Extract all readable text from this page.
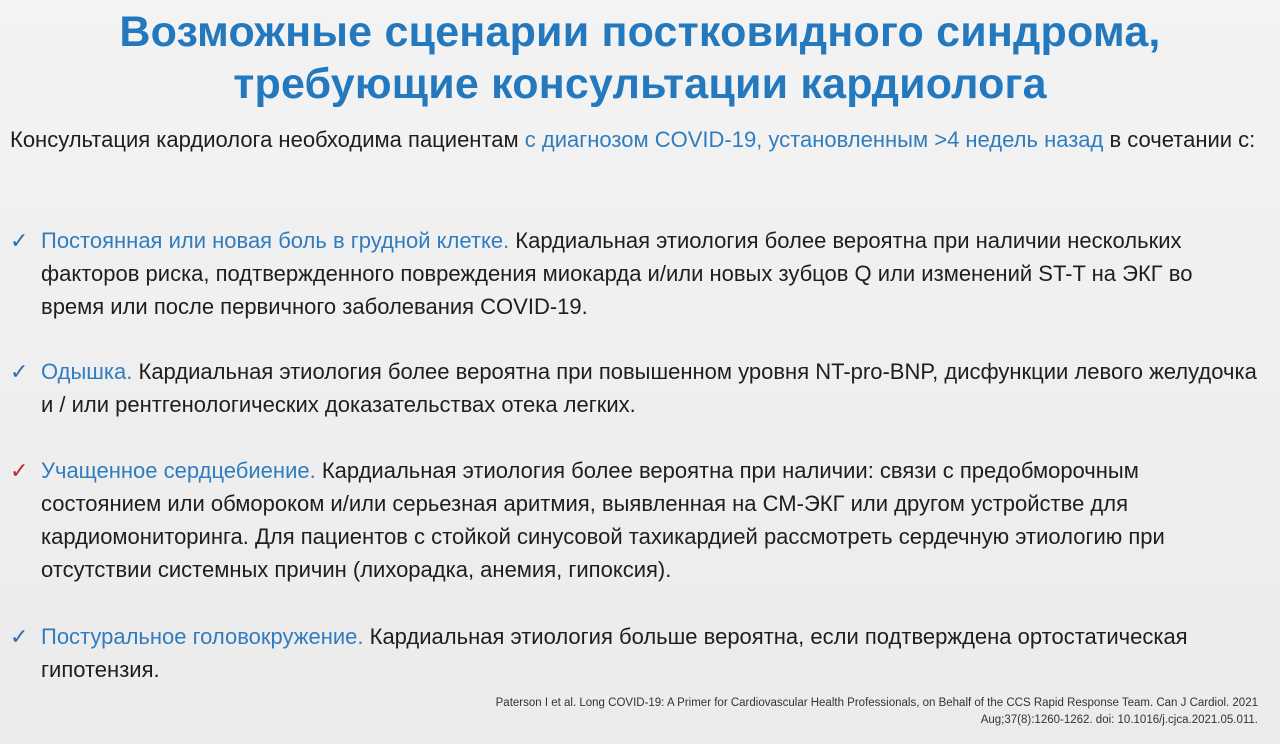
Возможные сценарии постковидного синдрома,
требующие консультации кардиолога
Консультация кардиолога необходима пациентам с диагнозом COVID-19, установленным >4 недель назад в сочетании с:
✓ Постоянная или новая боль в грудной клетке. Кардиальная этиология более вероятна при наличии нескольких факторов риска, подтвержденного повреждения миокарда и/или новых зубцов Q или изменений ST-T на ЭКГ во время или после первичного заболевания COVID-19.
✓ Одышка. Кардиальная этиология более вероятна при повышенном уровня NT-pro-BNP, дисфункции левого желудочка и / или рентгенологических доказательствах отека легких.
✓ Учащенное сердцебиение. Кардиальная этиология более вероятна при наличии: связи с предобморочным состоянием или обмороком и/или серьезная аритмия, выявленная на СМ-ЭКГ или другом устройстве для кардиомониторинга. Для пациентов с стойкой синусовой тахикардией рассмотреть сердечную этиологию при отсутствии системных причин (лихорадка, анемия, гипоксия).
✓ Постуральное головокружение. Кардиальная этиология больше вероятна, если подтверждена ортостатическая гипотензия.
Paterson I et al. Long COVID-19: A Primer for Cardiovascular Health Professionals, on Behalf of the CCS Rapid Response Team. Can J Cardiol. 2021
Aug;37(8):1260-1262. doi: 10.1016/j.cjca.2021.05.011.
